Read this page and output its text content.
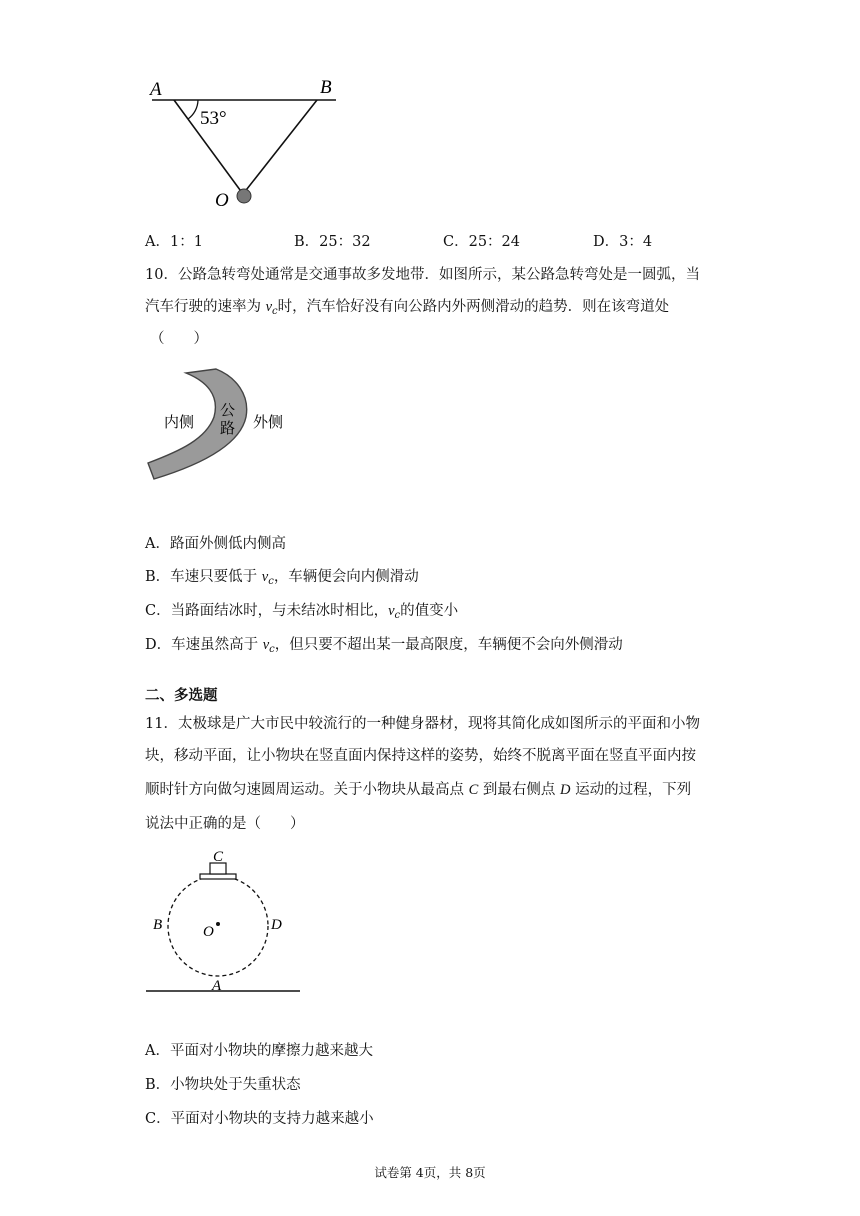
A	B
53°
O
A．1：1	B．25：32	C．25：24	D．3：4
10．公路急转弯处通常是交通事故多发地带．如图所示，某公路急转弯处是一圆弧，当
汽车行驶的速率为 $v_c$时，汽车恰好没有向公路内外两侧滑动的趋势．则在该弯道处
（　　）
内侧
公
路 外侧
A．路面外侧低内侧高
B．车速只要低于 $v_c$，车辆便会向内侧滑动
C．当路面结冰时，与未结冰时相比，$v_c$的值变小
D．车速虽然高于 $v_c$，但只要不超出某一最高限度，车辆便不会向外侧滑动
二、多选题
11．太极球是广大市民中较流行的一种健身器材，现将其简化成如图所示的平面和小物
块，移动平面，让小物块在竖直面内保持这样的姿势，始终不脱离平面在竖直平面内按
顺时针方向做匀速圆周运动。关于小物块从最高点 C 到最右侧点 D 运动的过程，下列
说法中正确的是（　　）
C
B	O	D
A
A．平面对小物块的摩擦力越来越大
B．小物块处于失重状态
C．平面对小物块的支持力越来越小
试卷第 4页，共 8页
